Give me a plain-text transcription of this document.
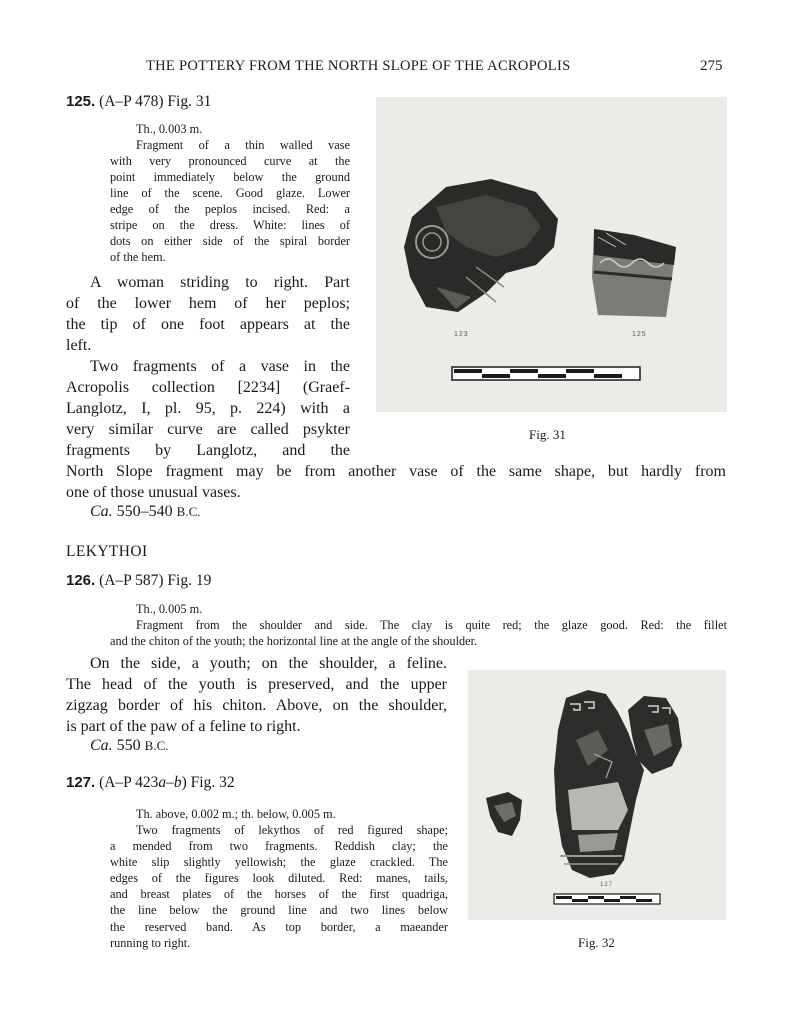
THE POTTERY FROM THE NORTH SLOPE OF THE ACROPOLIS	275
125. (A–P 478) Fig. 31
Th., 0.003 m.
Fragment of a thin walled vase
with very pronounced curve at the
point immediately below the ground
line of the scene. Good glaze. Lower
edge of the peplos incised. Red: a
stripe on the dress. White: lines of
dots on either side of the spiral border
of the hem.
A woman striding to right. Part
of the lower hem of her peplos;
the tip of one foot appears at the
left.
Two fragments of a vase in the
Acropolis collection [2234] (Graef-
Langlotz, I, pl. 95, p. 224) with a
very similar curve are called psykter
fragments by Langlotz, and the
North Slope fragment may be from another vase of the same shape, but hardly from
one of those unusual vases.
Ca. 550–540 B.C.
123	125
Fig. 31
LEKYTHOI
126. (A–P 587) Fig. 19
Th., 0.005 m.
Fragment from the shoulder and side. The clay is quite red; the glaze good. Red: the fillet
and the chiton of the youth; the horizontal line at the angle of the shoulder.
On the side, a youth; on the shoulder, a feline.
The head of the youth is preserved, and the upper
zigzag border of his chiton. Above, on the shoulder,
is part of the paw of a feline to right.
Ca. 550 B.C.
127. (A–P 423a–b) Fig. 32
Th. above, 0.002 m.; th. below, 0.005 m.
Two fragments of lekythos of red figured shape;
a mended from two fragments. Reddish clay; the
white slip slightly yellowish; the glaze crackled. The
edges of the figures look diluted. Red: manes, tails,
and breast plates of the horses of the first quadriga,
the line below the ground line and two lines below
the reserved band. As top border, a maeander
running to right.
127
Fig. 32
